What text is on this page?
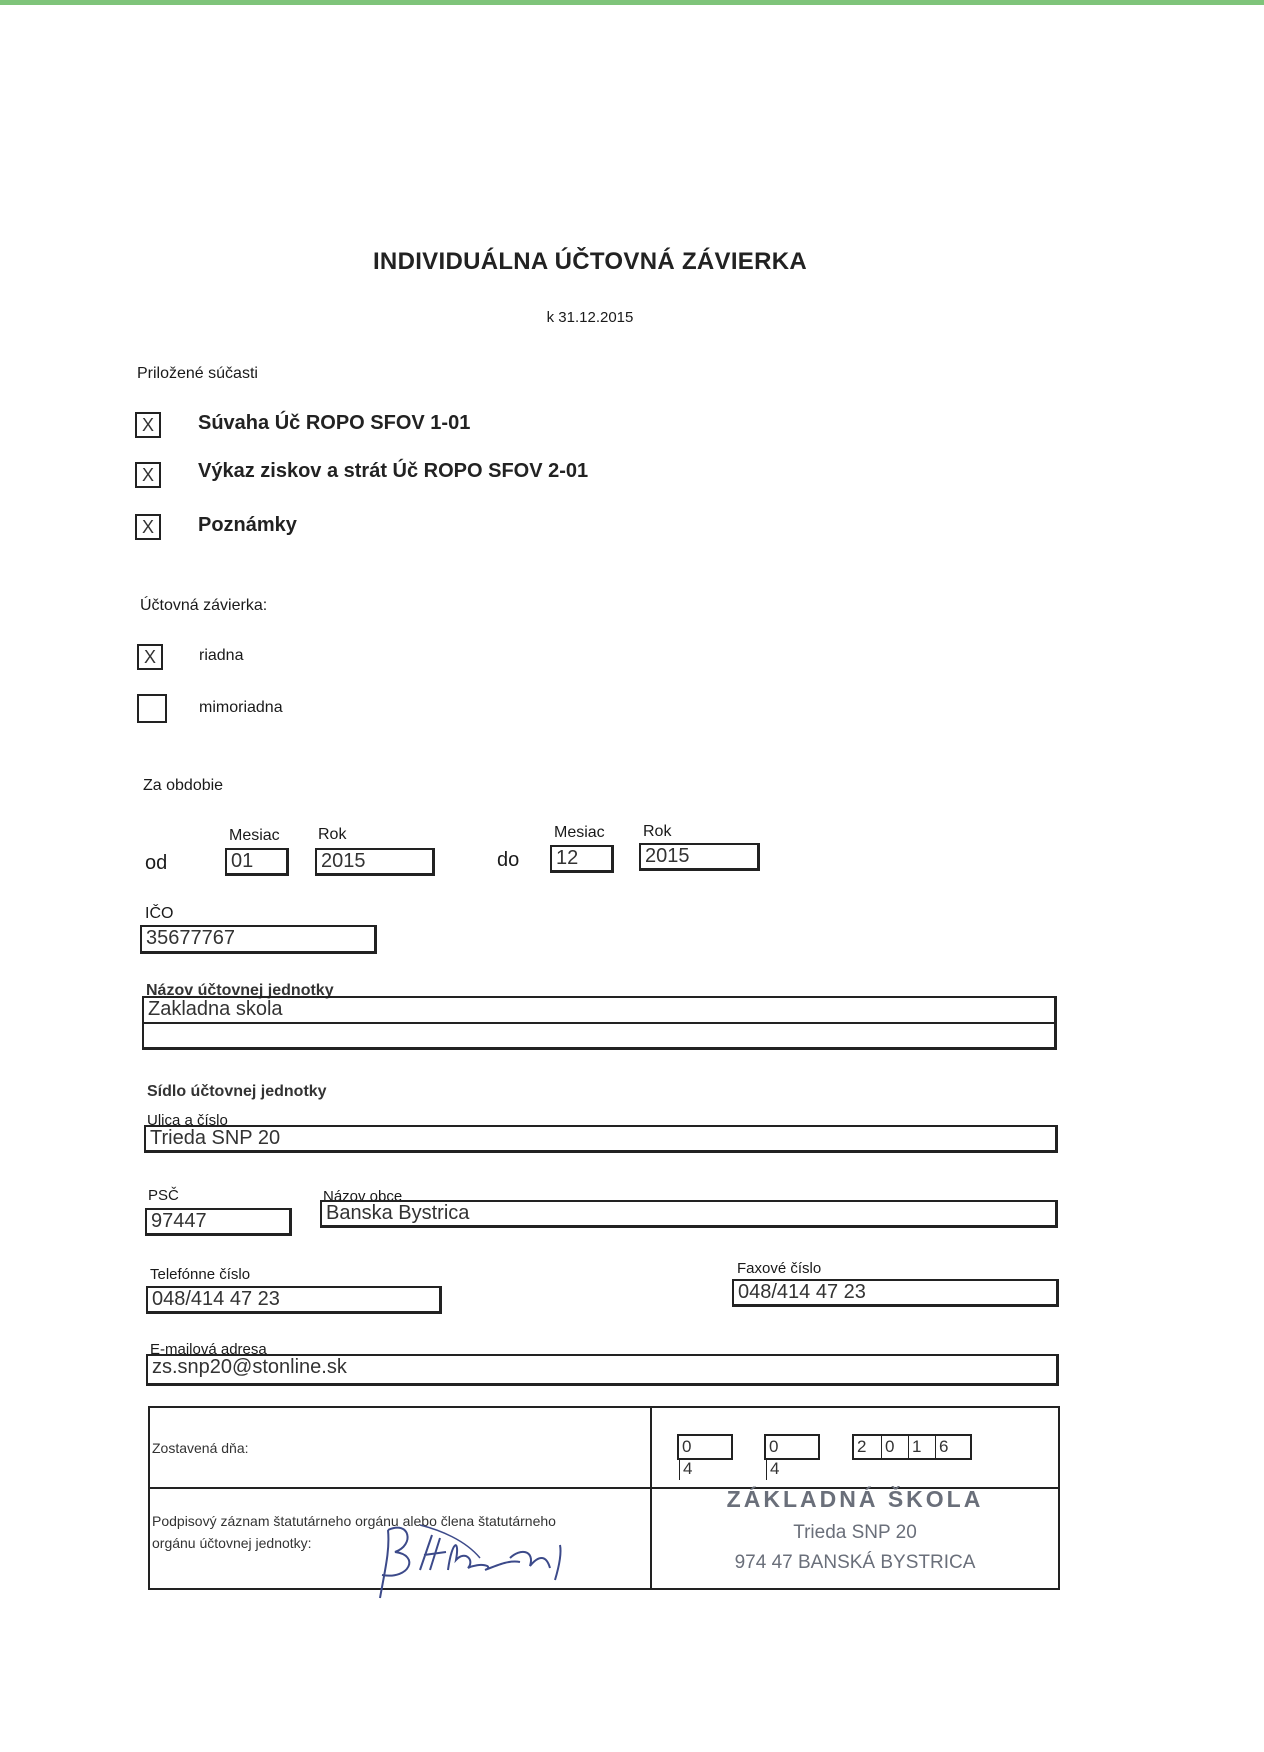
INDIVIDUÁLNA ÚČTOVNÁ ZÁVIERKA
k 31.12.2015
Priložené súčasti
X	Súvaha Úč ROPO SFOV 1-01
X	Výkaz ziskov a strát Úč ROPO SFOV 2-01
X	Poznámky
Účtovná závierka:
X	riadna
mimoriadna
Za obdobie
Mesiac Rok
od	01	2015
Mesiac Rok
do	12	2015
IČO
35677767
Názov účtovnej jednotky
Zakladna skola
Sídlo účtovnej jednotky
Ulica a číslo
Trieda SNP 20
PSČ
97447
Názov obce
Banska Bystrica
Telefónne číslo
048/414 47 23
Faxové číslo
048/414 47 23
E-mailová adresa
zs.snp20@stonline.sk
Zostavená dňa:	04
04
2 0 1 6
Podpisový záznam štatutárneho orgánu alebo člena štatutárneho
orgánu účtovnej jednotky:
ZÁKLADNÁ ŠKOLA
Trieda SNP 20
974 47 BANSKÁ BYSTRICA
